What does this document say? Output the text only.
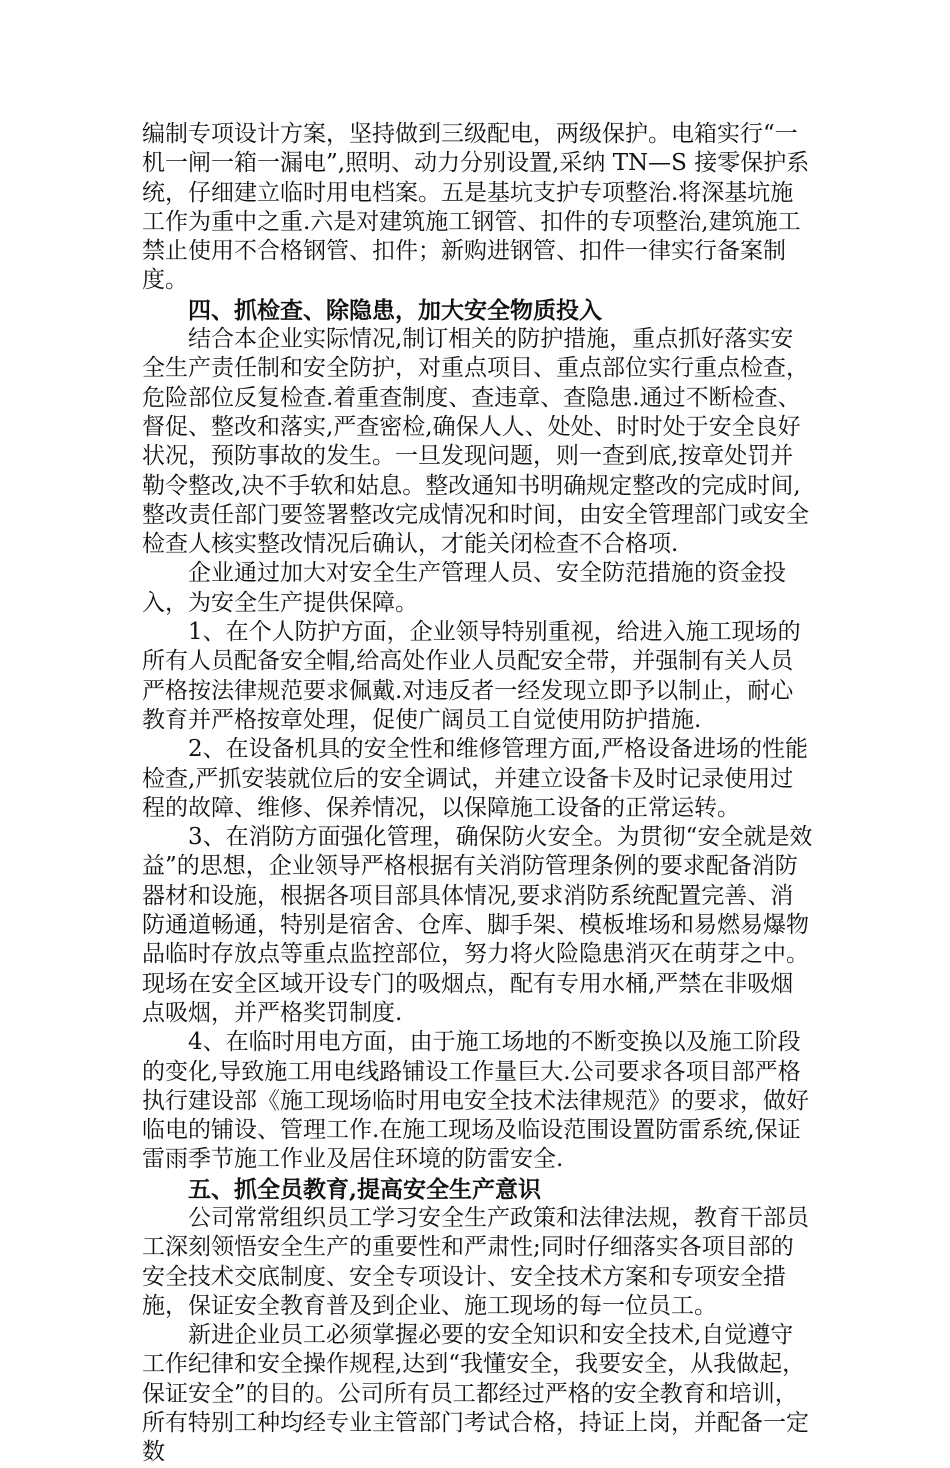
编制专项设计方案，坚持做到三级配电，两级保护。电箱实行“一机一闸一箱一漏电”,照明、动力分别设置,采纳 TN—S 接零保护系统，仔细建立临时用电档案。五是基坑支护专项整治.将深基坑施工作为重中之重.六是对建筑施工钢管、扣件的专项整治,建筑施工禁止使用不合格钢管、扣件；新购进钢管、扣件一律实行备案制度。

四、抓检查、除隐患，加大安全物质投入

结合本企业实际情况,制订相关的防护措施，重点抓好落实安全生产责任制和安全防护，对重点项目、重点部位实行重点检查，危险部位反复检查.着重查制度、查违章、查隐患.通过不断检查、督促、整改和落实,严查密检,确保人人、处处、时时处于安全良好状况，预防事故的发生。一旦发现问题，则一查到底,按章处罚并勒令整改,决不手软和姑息。整改通知书明确规定整改的完成时间,整改责任部门要签署整改完成情况和时间，由安全管理部门或安全检查人核实整改情况后确认，才能关闭检查不合格项.

企业通过加大对安全生产管理人员、安全防范措施的资金投入，为安全生产提供保障。

1、在个人防护方面，企业领导特别重视，给进入施工现场的所有人员配备安全帽,给高处作业人员配安全带，并强制有关人员严格按法律规范要求佩戴.对违反者一经发现立即予以制止，耐心教育并严格按章处理，促使广阔员工自觉使用防护措施.

2、在设备机具的安全性和维修管理方面,严格设备进场的性能检查,严抓安装就位后的安全调试，并建立设备卡及时记录使用过程的故障、维修、保养情况，以保障施工设备的正常运转。

3、在消防方面强化管理，确保防火安全。为贯彻“安全就是效益”的思想，企业领导严格根据有关消防管理条例的要求配备消防器材和设施，根据各项目部具体情况,要求消防系统配置完善、消防通道畅通，特别是宿舍、仓库、脚手架、模板堆场和易燃易爆物品临时存放点等重点监控部位，努力将火险隐患消灭在萌芽之中。现场在安全区域开设专门的吸烟点，配有专用水桶,严禁在非吸烟点吸烟，并严格奖罚制度.

4、在临时用电方面，由于施工场地的不断变换以及施工阶段的变化,导致施工用电线路铺设工作量巨大.公司要求各项目部严格执行建设部《施工现场临时用电安全技术法律规范》的要求，做好临电的铺设、管理工作.在施工现场及临设范围设置防雷系统,保证雷雨季节施工作业及居住环境的防雷安全.

五、抓全员教育,提高安全生产意识

公司常常组织员工学习安全生产政策和法律法规，教育干部员工深刻领悟安全生产的重要性和严肃性;同时仔细落实各项目部的安全技术交底制度、安全专项设计、安全技术方案和专项安全措施，保证安全教育普及到企业、施工现场的每一位员工。

新进企业员工必须掌握必要的安全知识和安全技术,自觉遵守工作纪律和安全操作规程,达到“我懂安全，我要安全，从我做起，保证安全”的目的。公司所有员工都经过严格的安全教育和培训，所有特别工种均经专业主管部门考试合格，持证上岗，并配备一定数
